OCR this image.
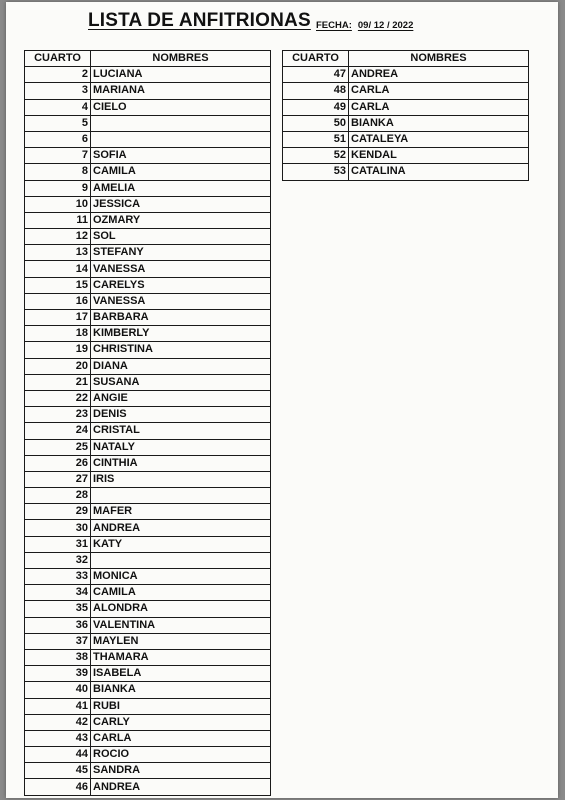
LISTA DE ANFITRIONAS FECHA: 09/ 12 / 2022
CUARTO	NOMBRES
2	LUCIANA
3	MARIANA
4	CIELO
5	
6	
7	SOFIA
8	CAMILA
9	AMELIA
10	JESSICA
11	OZMARY
12	SOL
13	STEFANY
14	VANESSA
15	CARELYS
16	VANESSA
17	BARBARA
18	KIMBERLY
19	CHRISTINA
20	DIANA
21	SUSANA
22	ANGIE
23	DENIS
24	CRISTAL
25	NATALY
26	CINTHIA
27	IRIS
28	
29	MAFER
30	ANDREA
31	KATY
32	
33	MONICA
34	CAMILA
35	ALONDRA
36	VALENTINA
37	MAYLEN
38	THAMARA
39	ISABELA
40	BIANKA
41	RUBI
42	CARLY
43	CARLA
44	ROCIO
45	SANDRA
46	ANDREA
CUARTO	NOMBRES
47	ANDREA
48	CARLA
49	CARLA
50	BIANKA
51	CATALEYA
52	KENDAL
53	CATALINA
